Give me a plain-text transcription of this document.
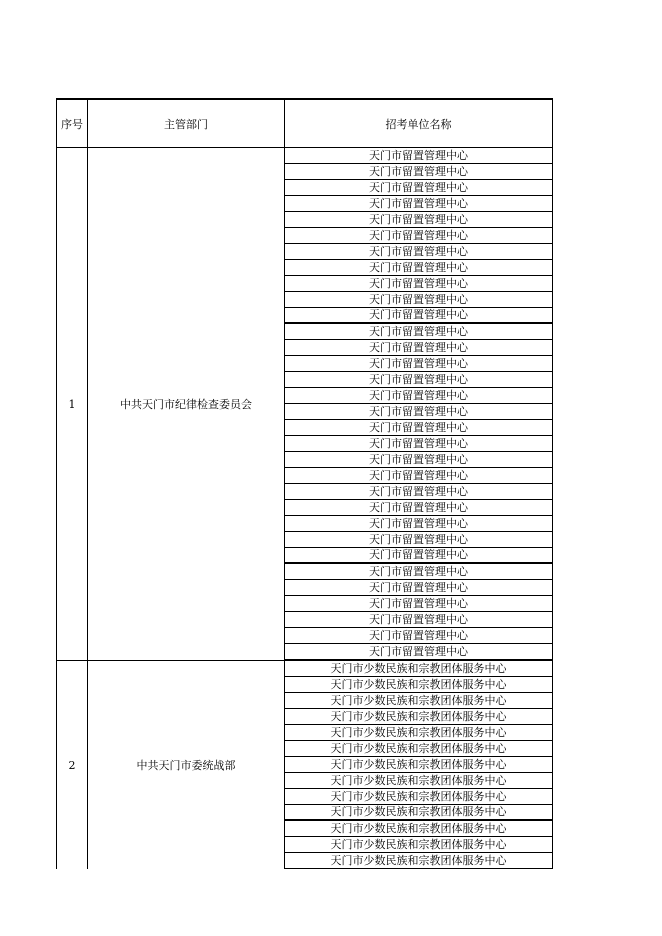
序号	主管部门	招考单位名称
1	中共天门市纪律检查委员会
天门市留置管理中心
天门市留置管理中心
天门市留置管理中心
天门市留置管理中心
天门市留置管理中心
天门市留置管理中心
天门市留置管理中心
天门市留置管理中心
天门市留置管理中心
天门市留置管理中心
天门市留置管理中心
天门市留置管理中心
天门市留置管理中心
天门市留置管理中心
天门市留置管理中心
天门市留置管理中心
天门市留置管理中心
天门市留置管理中心
天门市留置管理中心
天门市留置管理中心
天门市留置管理中心
天门市留置管理中心
天门市留置管理中心
天门市留置管理中心
天门市留置管理中心
天门市留置管理中心
天门市留置管理中心
天门市留置管理中心
天门市留置管理中心
天门市留置管理中心
天门市留置管理中心
天门市留置管理中心
2	中共天门市委统战部
天门市少数民族和宗教团体服务中心
天门市少数民族和宗教团体服务中心
天门市少数民族和宗教团体服务中心
天门市少数民族和宗教团体服务中心
天门市少数民族和宗教团体服务中心
天门市少数民族和宗教团体服务中心
天门市少数民族和宗教团体服务中心
天门市少数民族和宗教团体服务中心
天门市少数民族和宗教团体服务中心
天门市少数民族和宗教团体服务中心
天门市少数民族和宗教团体服务中心
天门市少数民族和宗教团体服务中心
天门市少数民族和宗教团体服务中心
